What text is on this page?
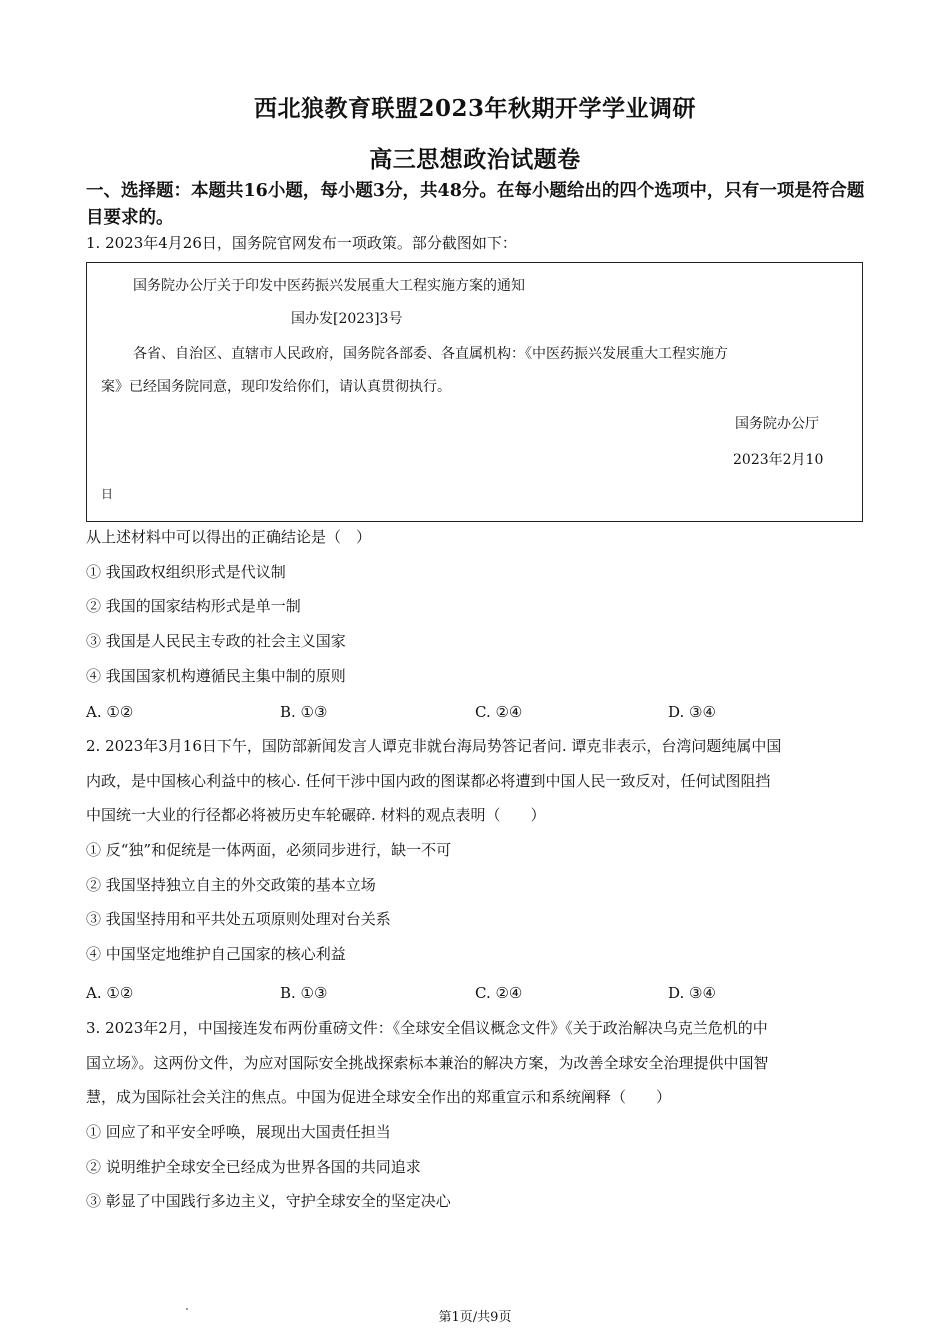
西北狼教育联盟2023年秋期开学学业调研
高三思想政治试题卷
一、选择题：本题共16小题，每小题3分，共48分。在每小题给出的四个选项中，只有一项是符合题目要求的。
1. 2023年4月26日，国务院官网发布一项政策。部分截图如下：
国务院办公厅关于印发中医药振兴发展重大工程实施方案的通知
国办发[2023]3号
各省、自治区、直辖市人民政府，国务院各部委、各直属机构：《中医药振兴发展重大工程实施方
案》已经国务院同意，现印发给你们，请认真贯彻执行。
国务院办公厅
2023年2月10
日
从上述材料中可以得出的正确结论是（　）
① 我国政权组织形式是代议制
② 我国的国家结构形式是单一制
③ 我国是人民民主专政的社会主义国家
④ 我国国家机构遵循民主集中制的原则
A. ①②	B. ①③	C. ②④	D. ③④
2. 2023年3月16日下午，国防部新闻发言人谭克非就台海局势答记者问. 谭克非表示，台湾问题纯属中国
内政，是中国核心利益中的核心. 任何干涉中国内政的图谋都必将遭到中国人民一致反对，任何试图阻挡
中国统一大业的行径都必将被历史车轮碾碎. 材料的观点表明（　　）
① 反“独”和促统是一体两面，必须同步进行，缺一不可
② 我国坚持独立自主的外交政策的基本立场
③ 我国坚持用和平共处五项原则处理对台关系
④ 中国坚定地维护自己国家的核心利益
A. ①②	B. ①③	C. ②④	D. ③④
3. 2023年2月，中国接连发布两份重磅文件：《全球安全倡议概念文件》《关于政治解决乌克兰危机的中
国立场》。这两份文件，为应对国际安全挑战探索标本兼治的解决方案，为改善全球安全治理提供中国智
慧，成为国际社会关注的焦点。中国为促进全球安全作出的郑重宣示和系统阐释（　　）
① 回应了和平安全呼唤，展现出大国责任担当
② 说明维护全球安全已经成为世界各国的共同追求
③ 彰显了中国践行多边主义，守护全球安全的坚定决心
第1页/共9页
